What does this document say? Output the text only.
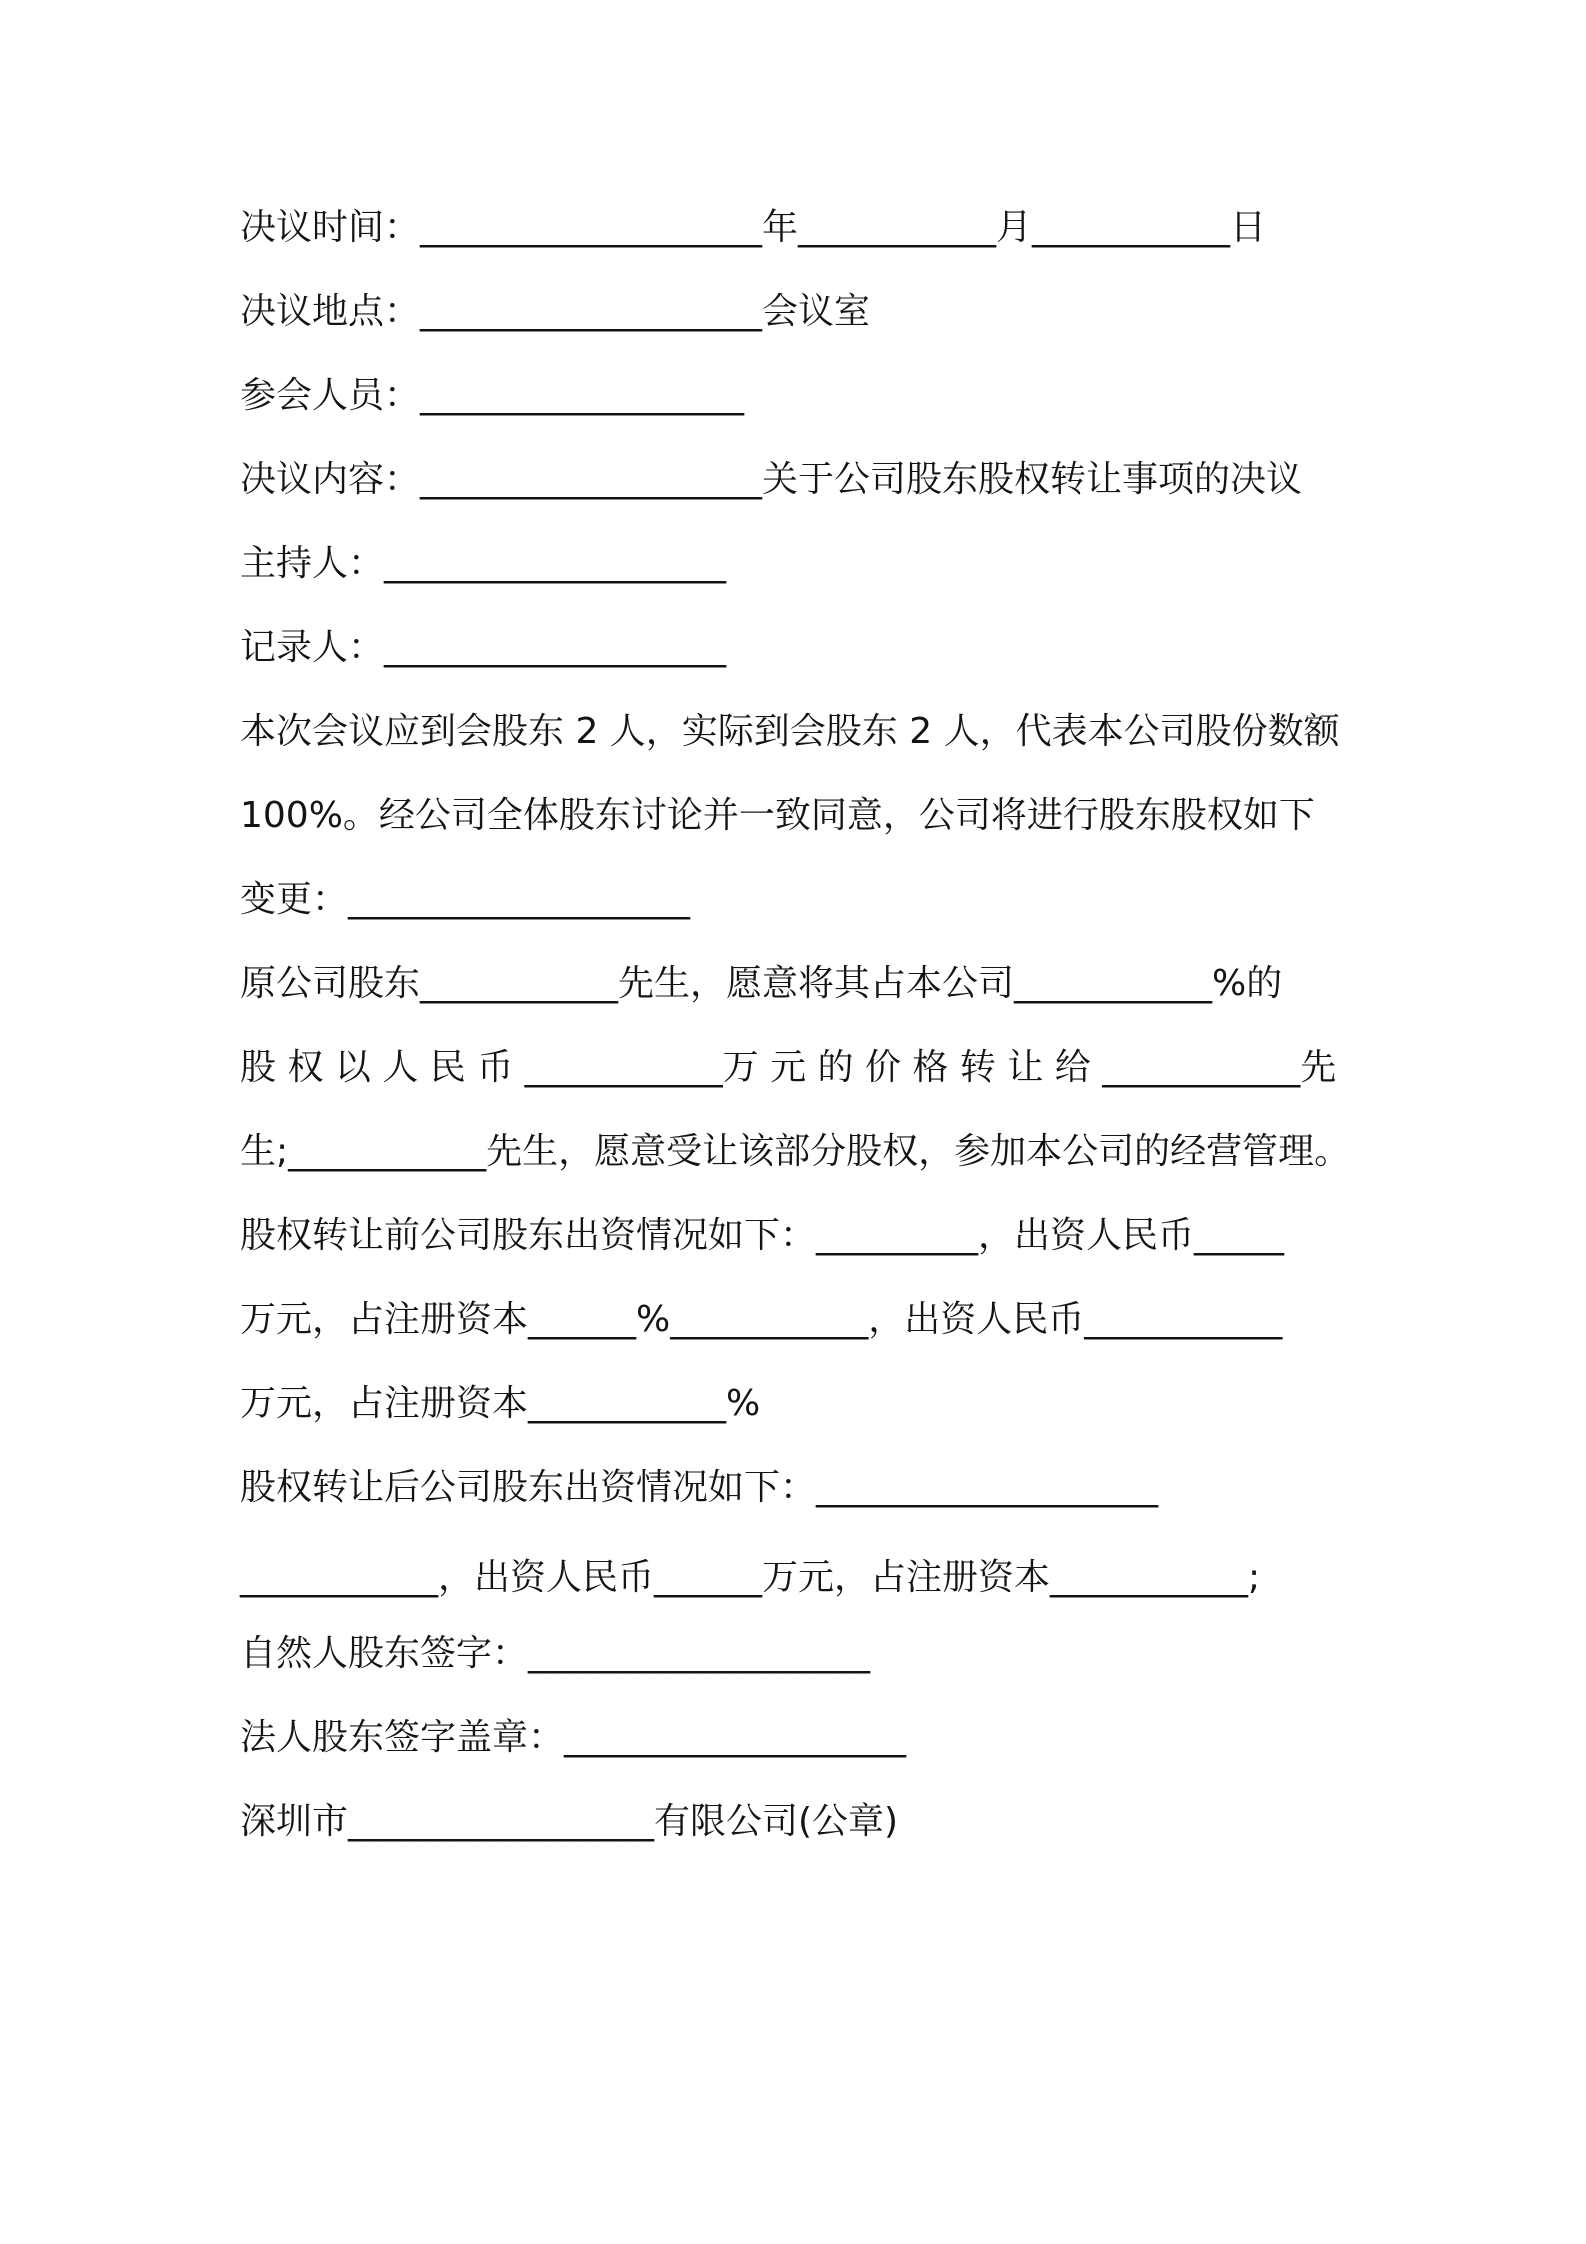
决议时间：___________________年___________月___________日
决议地点：___________________会议室
参会人员：__________________
决议内容：___________________关于公司股东股权转让事项的决议
主持人：___________________
记录人：___________________
本次会议应到会股东 2 人，实际到会股东 2 人，代表本公司股份数额
100%。经公司全体股东讨论并一致同意，公司将进行股东股权如下
变更：___________________
原公司股东___________先生，愿意将其占本公司___________%的
股 权 以 人 民 币 ___________万 元 的 价 格 转 让 给 ___________先
生;___________先生，愿意受让该部分股权，参加本公司的经营管理。
股权转让前公司股东出资情况如下：_________，出资人民币_____
万元，占注册资本______%___________，出资人民币___________
万元，占注册资本___________%
股权转让后公司股东出资情况如下：___________________
___________，出资人民币______万元，占注册资本___________;
自然人股东签字：___________________
法人股东签字盖章：___________________
深圳市_________________有限公司(公章)
